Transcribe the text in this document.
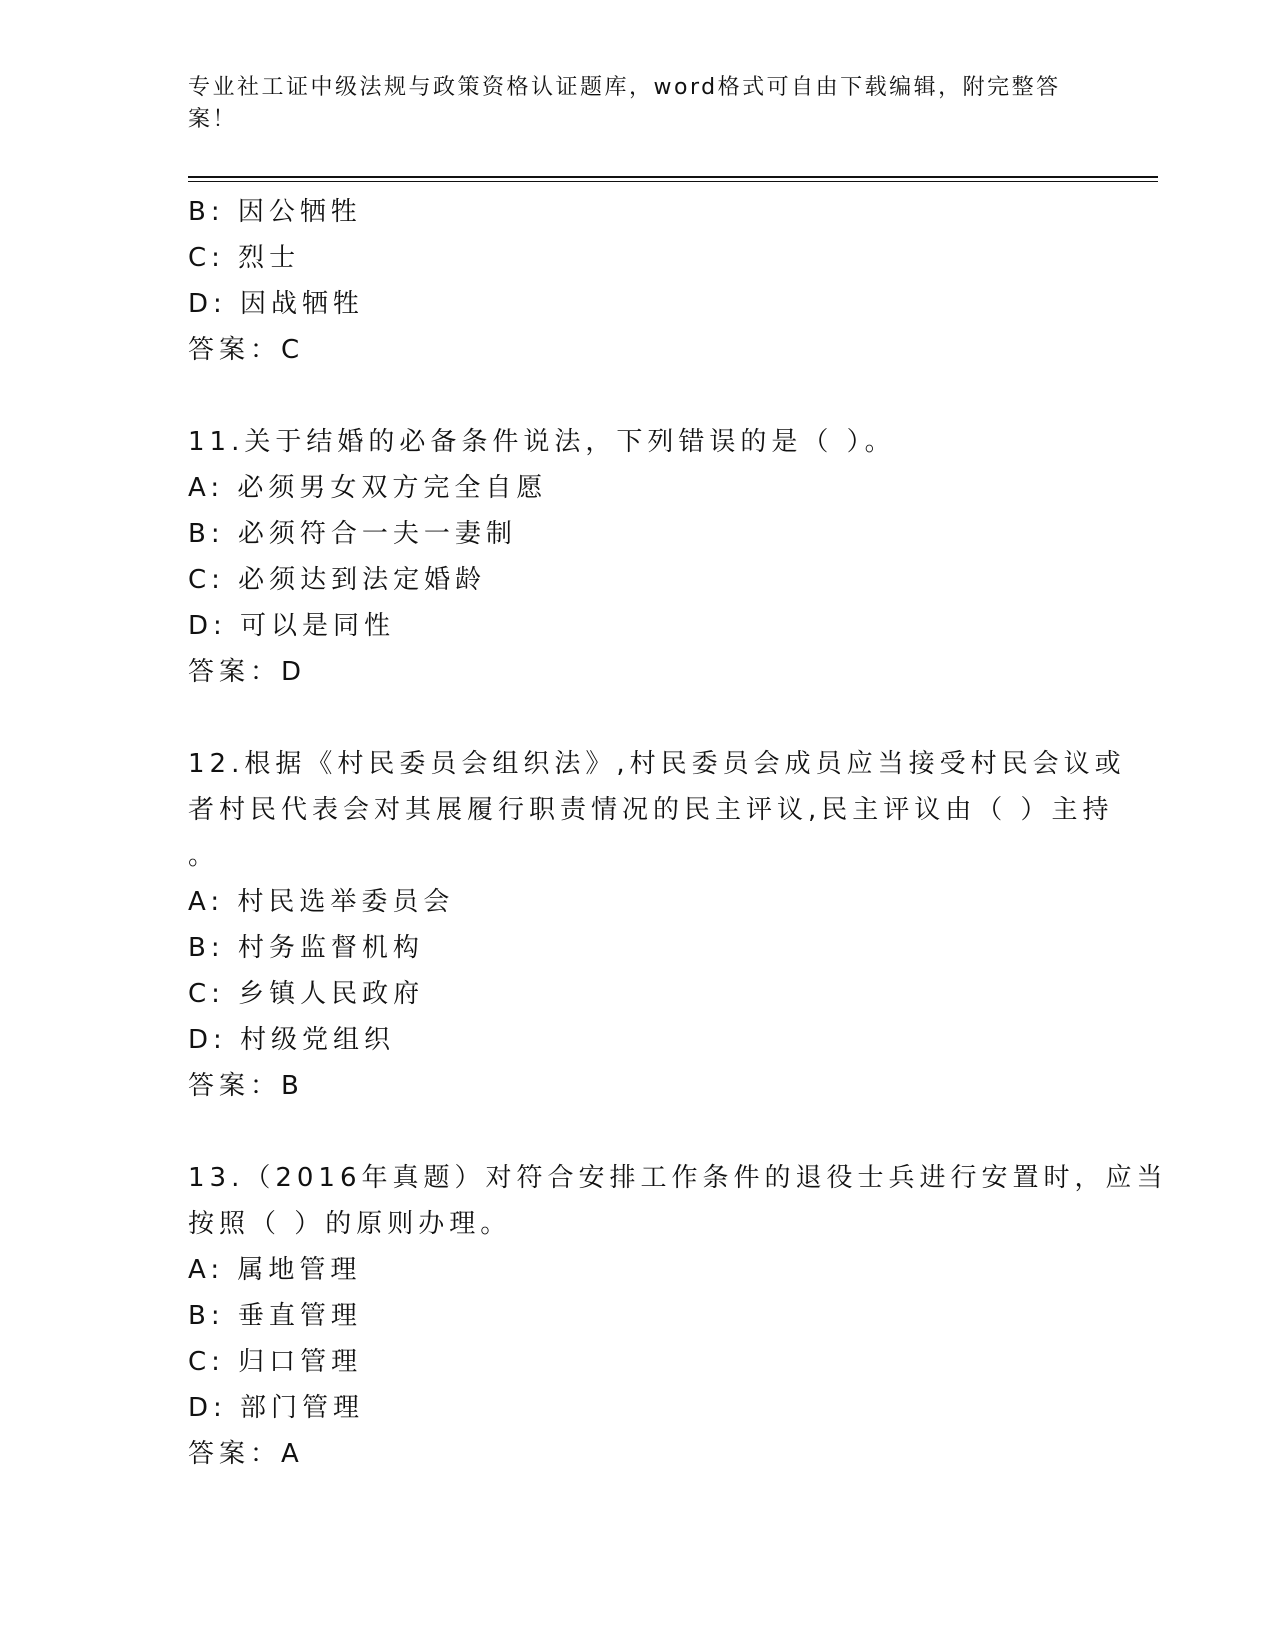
专业社工证中级法规与政策资格认证题库，word格式可自由下载编辑，附完整答
案！
B: 因公牺牲
C: 烈士
D: 因战牺牲
答案：C
11.关于结婚的必备条件说法，下列错误的是（ ）。
A: 必须男女双方完全自愿
B: 必须符合一夫一妻制
C: 必须达到法定婚龄
D: 可以是同性
答案：D
12.根据《村民委员会组织法》,村民委员会成员应当接受村民会议或
者村民代表会对其展履行职责情况的民主评议,民主评议由（ ）主持
。
A: 村民选举委员会
B: 村务监督机构
C: 乡镇人民政府
D: 村级党组织
答案：B
13.（2016年真题）对符合安排工作条件的退役士兵进行安置时，应当
按照（ ）的原则办理。
A: 属地管理
B: 垂直管理
C: 归口管理
D: 部门管理
答案：A
